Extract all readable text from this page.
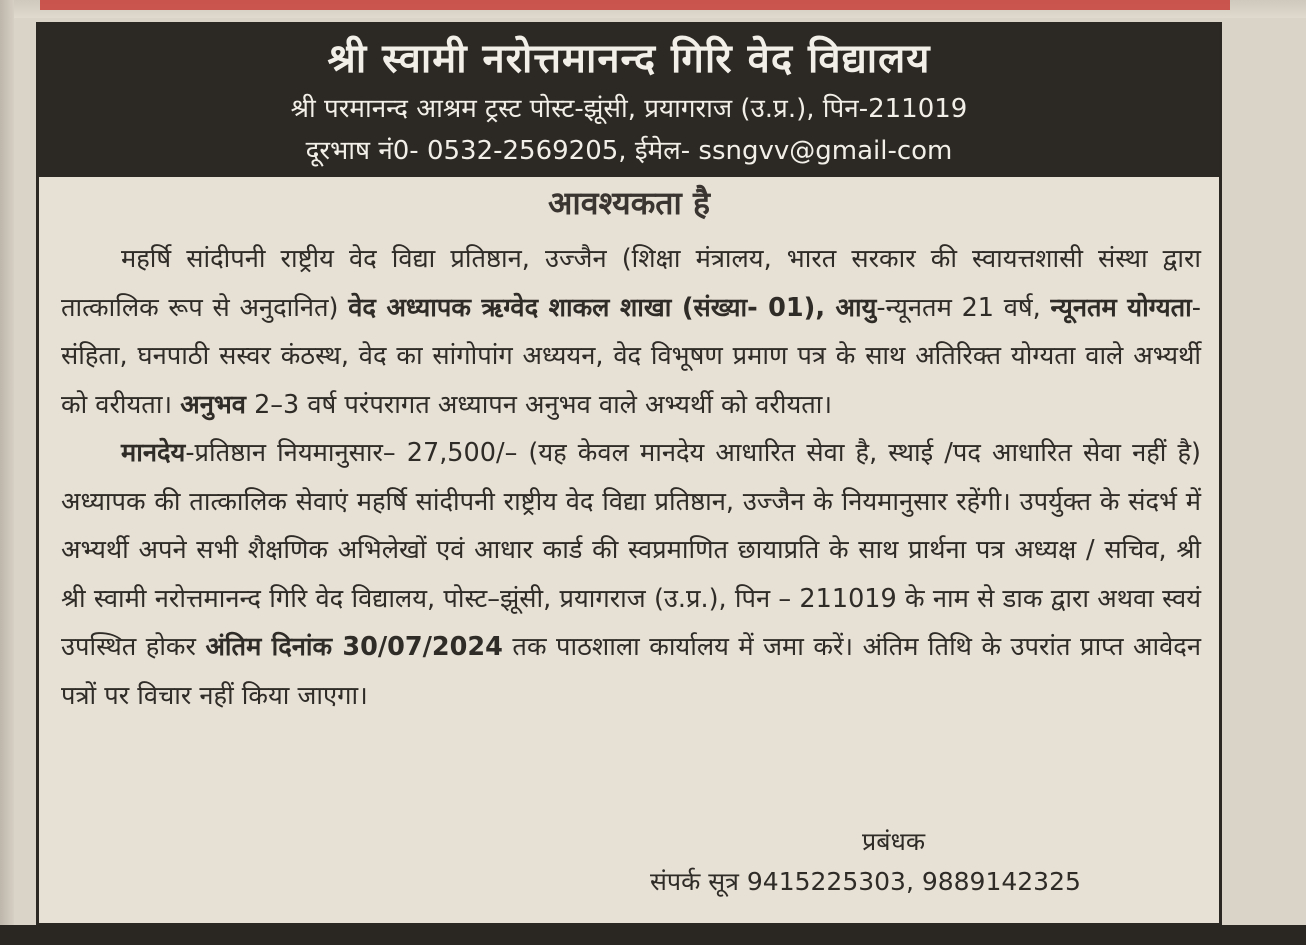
श्री स्वामी नरोत्तमानन्द गिरि वेद विद्यालय
श्री परमानन्द आश्रम ट्रस्ट पोस्ट-झूंसी, प्रयागराज (उ.प्र.), पिन-211019
दूरभाष नं0- 0532-2569205, ईमेल- ssngvv@gmail-com
आवश्यकता है

महर्षि सांदीपनी राष्ट्रीय वेद विद्या प्रतिष्ठान, उज्जैन (शिक्षा मंत्रालय, भारत सरकार की स्वायत्तशासी संस्था द्वारा तात्कालिक रूप से अनुदानित) वेद अध्यापक ऋग्वेद शाकल शाखा (संख्या- 01), आयु-न्यूनतम 21 वर्ष, न्यूनतम योग्यता-संहिता, घनपाठी सस्वर कंठस्थ, वेद का सांगोपांग अध्ययन, वेद विभूषण प्रमाण पत्र के साथ अतिरिक्त योग्यता वाले अभ्यर्थी को वरीयता। अनुभव 2–3 वर्ष परंपरागत अध्यापन अनुभव वाले अभ्यर्थी को वरीयता।

मानदेय-प्रतिष्ठान नियमानुसार– 27,500/– (यह केवल मानदेय आधारित सेवा है, स्थाई /पद आधारित सेवा नहीं है) अध्यापक की तात्कालिक सेवाएं महर्षि सांदीपनी राष्ट्रीय वेद विद्या प्रतिष्ठान, उज्जैन के नियमानुसार रहेंगी। उपर्युक्त के संदर्भ में अभ्यर्थी अपने सभी शैक्षणिक अभिलेखों एवं आधार कार्ड की स्वप्रमाणित छायाप्रति के साथ प्रार्थना पत्र अध्यक्ष / सचिव, श्री श्री स्वामी नरोत्तमानन्द गिरि वेद विद्यालय, पोस्ट–झूंसी, प्रयागराज (उ.प्र.), पिन – 211019 के नाम से डाक द्वारा अथवा स्वयं उपस्थित होकर अंतिम दिनांक 30/07/2024 तक पाठशाला कार्यालय में जमा करें। अंतिम तिथि के उपरांत प्राप्त आवेदन पत्रों पर विचार नहीं किया जाएगा।

प्रबंधक
संपर्क सूत्र 9415225303, 9889142325
